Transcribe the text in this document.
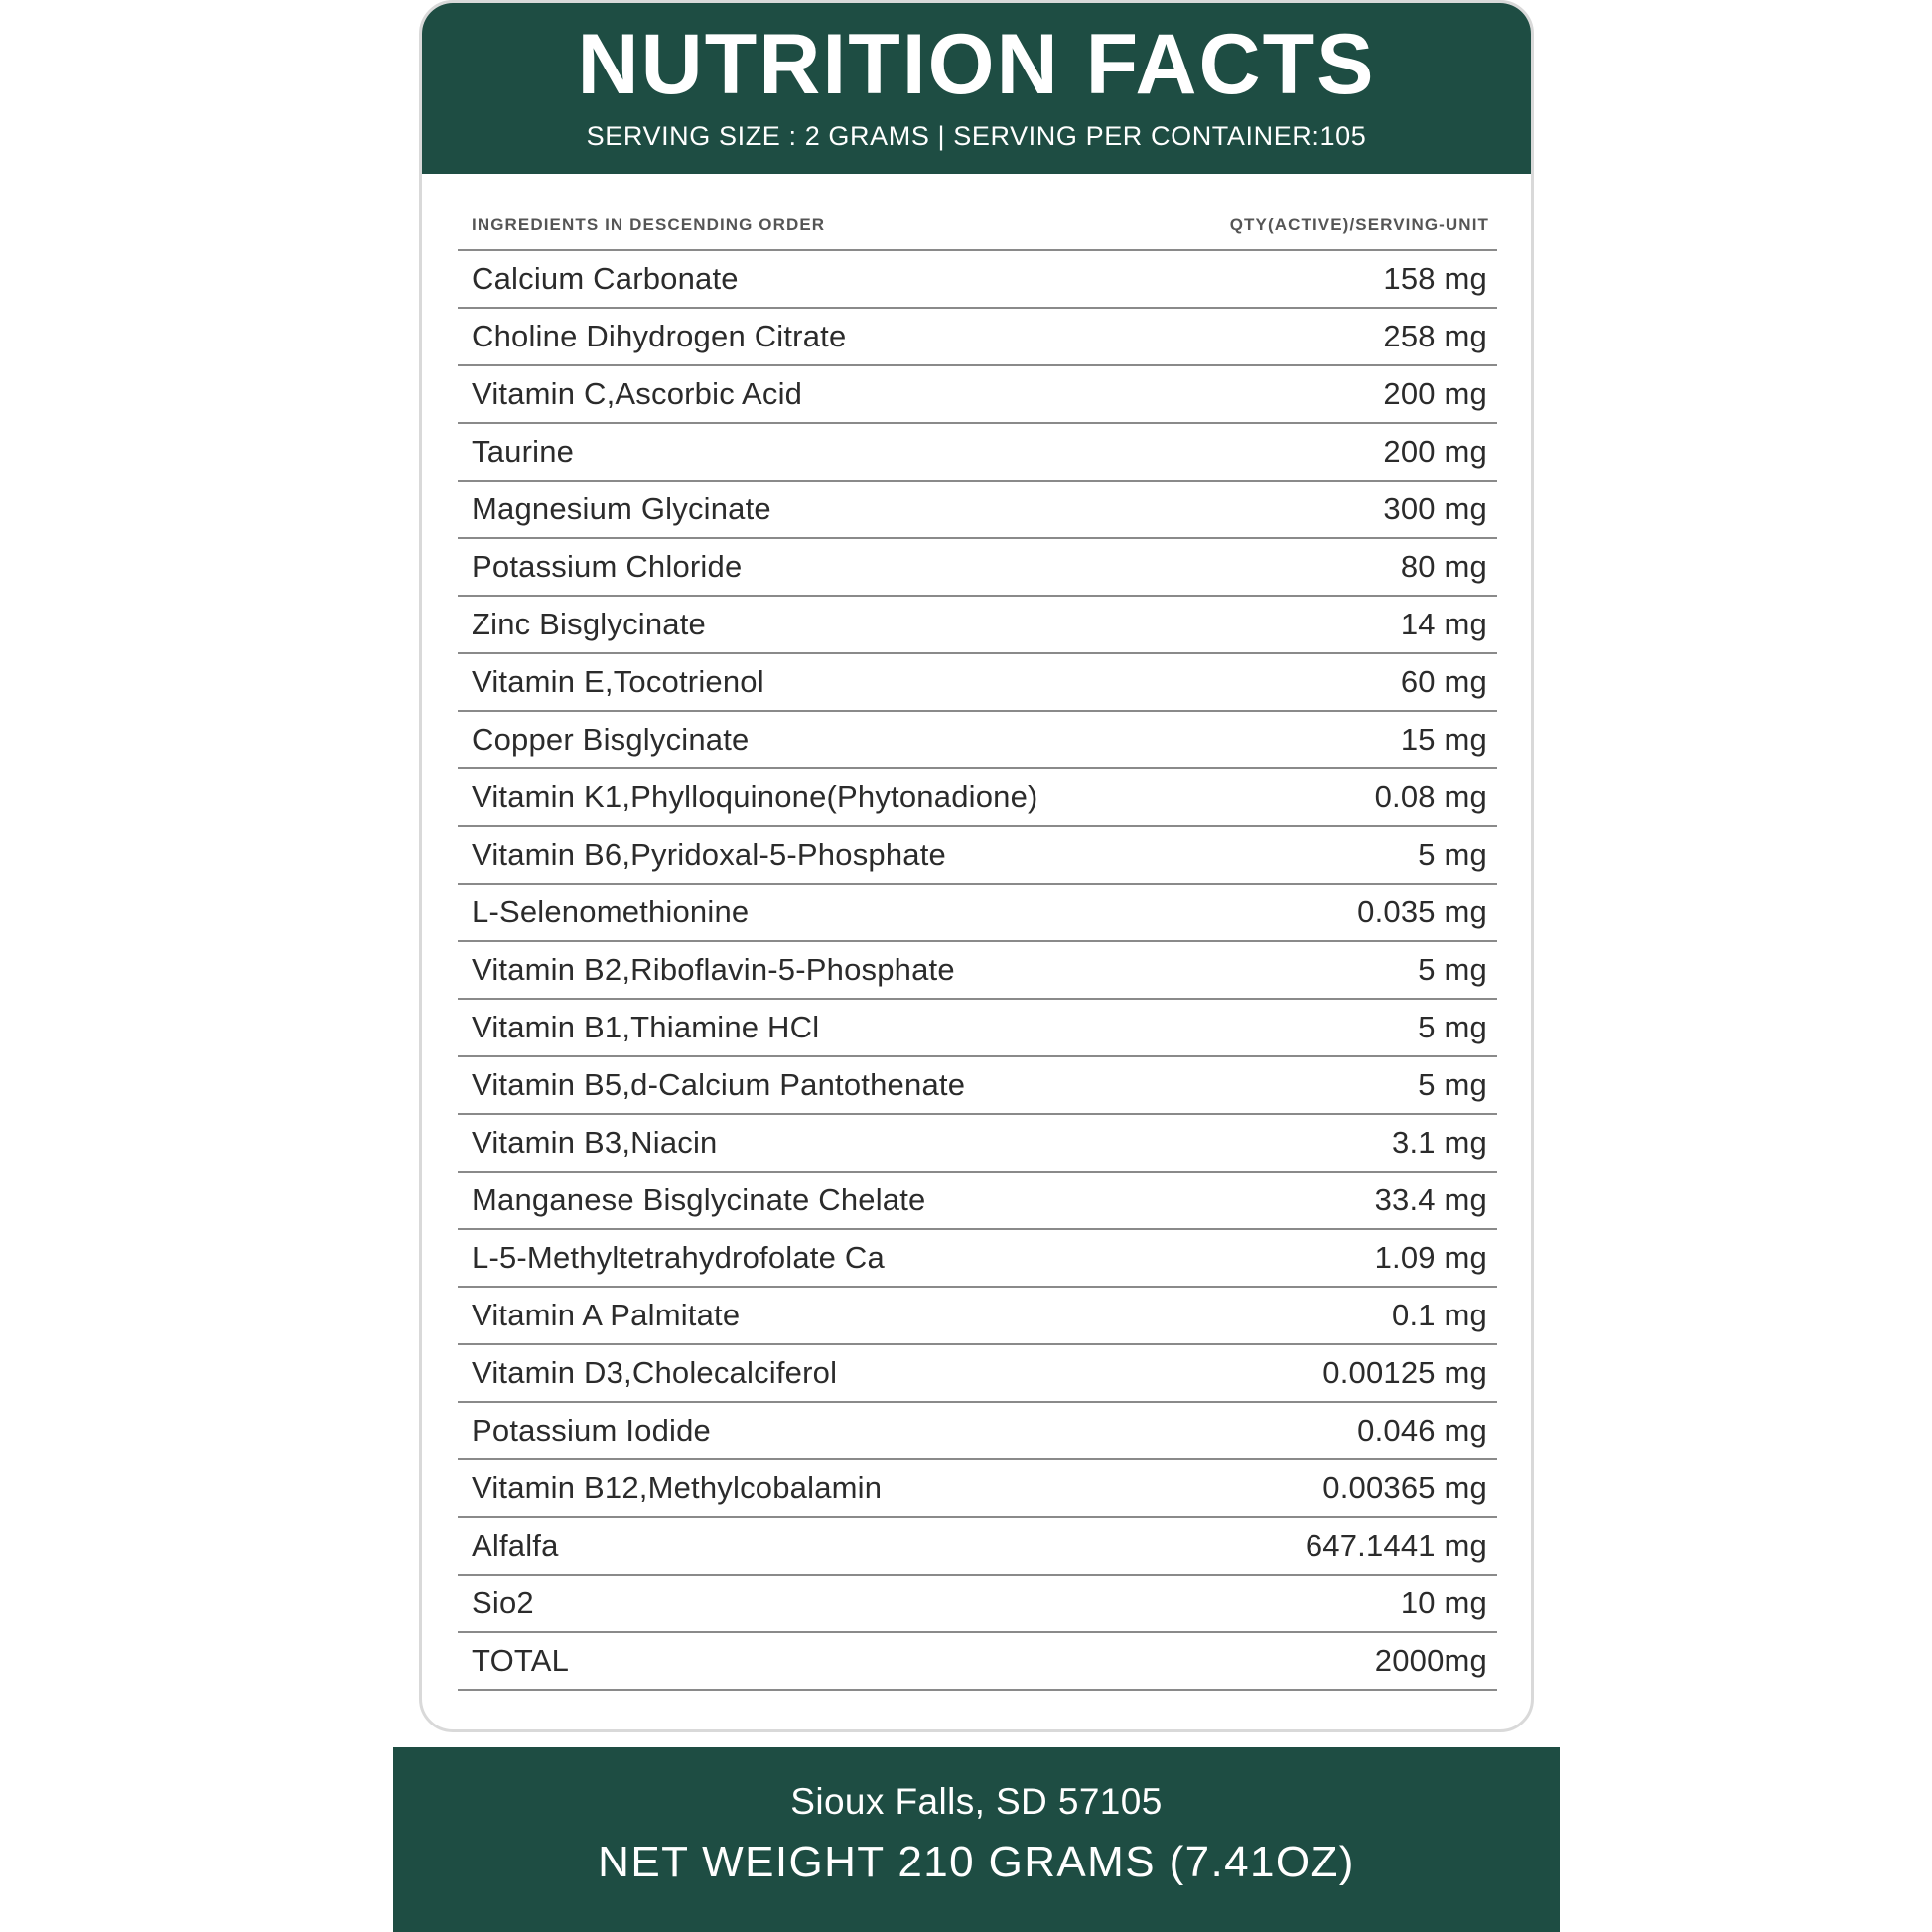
NUTRITION FACTS
SERVING SIZE : 2 GRAMS | SERVING PER CONTAINER:105
INGREDIENTS IN DESCENDING ORDER	QTY(ACTIVE)/SERVING-UNIT
Calcium Carbonate	158 mg
Choline Dihydrogen Citrate	258 mg
Vitamin C,Ascorbic Acid	200 mg
Taurine	200 mg
Magnesium Glycinate	300 mg
Potassium Chloride	80 mg
Zinc Bisglycinate	14 mg
Vitamin E,Tocotrienol	60 mg
Copper Bisglycinate	15 mg
Vitamin K1,Phylloquinone(Phytonadione)	0.08 mg
Vitamin B6,Pyridoxal-5-Phosphate	5 mg
L-Selenomethionine	0.035 mg
Vitamin B2,Riboflavin-5-Phosphate	5 mg
Vitamin B1,Thiamine HCl	5 mg
Vitamin B5,d-Calcium Pantothenate	5 mg
Vitamin B3,Niacin	3.1 mg
Manganese Bisglycinate Chelate	33.4 mg
L-5-Methyltetrahydrofolate Ca	1.09 mg
Vitamin A Palmitate	0.1 mg
Vitamin D3,Cholecalciferol	0.00125 mg
Potassium Iodide	0.046 mg
Vitamin B12,Methylcobalamin	0.00365 mg
Alfalfa	647.1441 mg
Sio2	10 mg
TOTAL	2000mg
Sioux Falls, SD 57105
NET WEIGHT 210 GRAMS (7.41OZ)
